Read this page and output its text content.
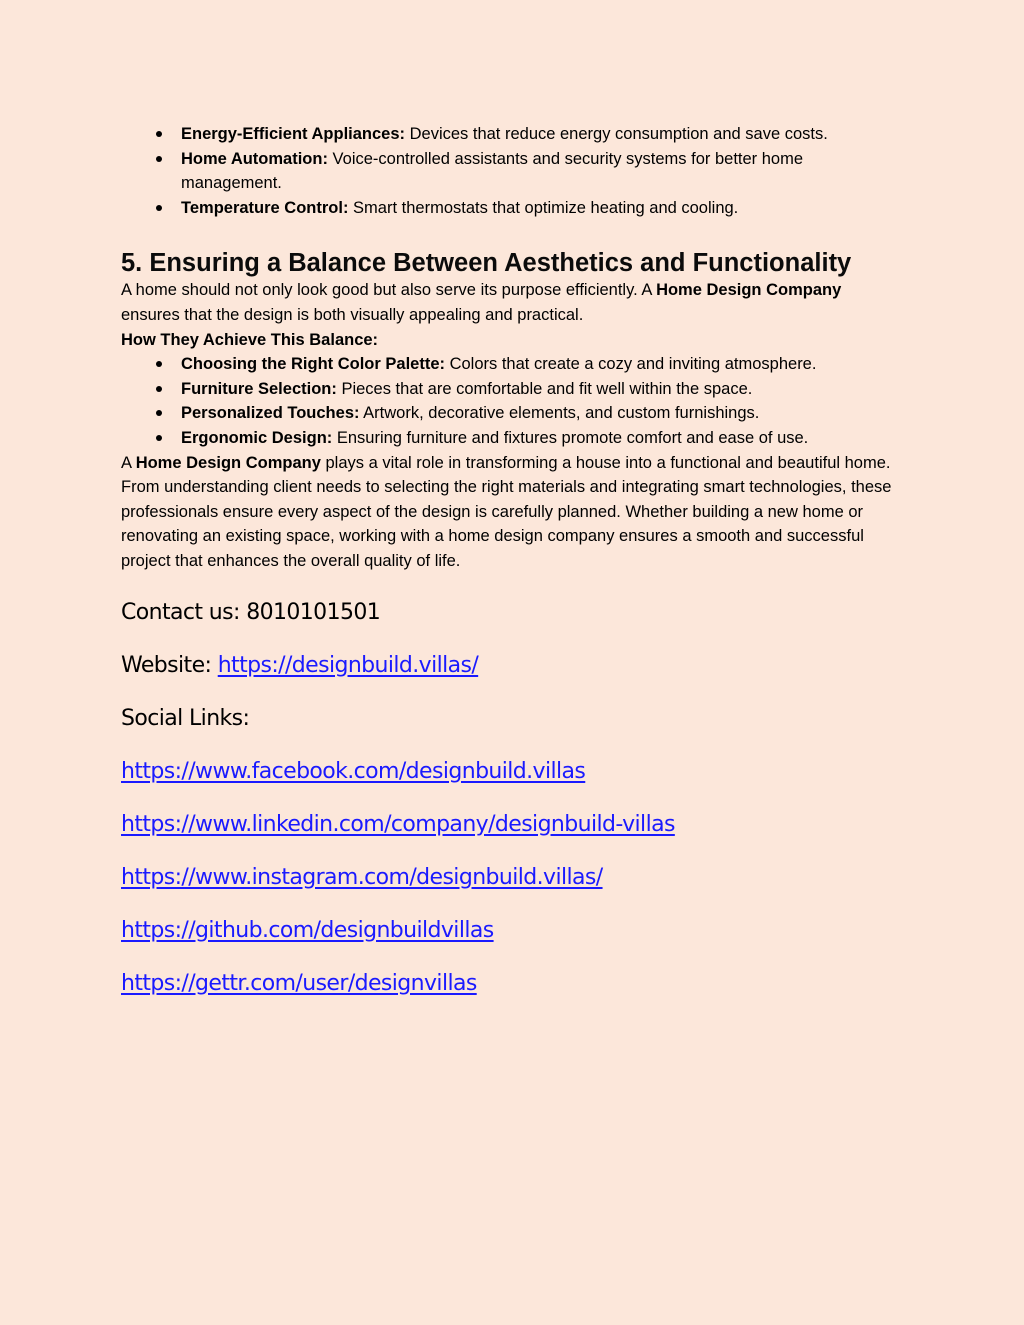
Energy-Efficient Appliances: Devices that reduce energy consumption and save costs.
Home Automation: Voice-controlled assistants and security systems for better home management.
Temperature Control: Smart thermostats that optimize heating and cooling.
5. Ensuring a Balance Between Aesthetics and Functionality

A home should not only look good but also serve its purpose efficiently. A Home Design Company ensures that the design is both visually appealing and practical.

How They Achieve This Balance:

Choosing the Right Color Palette: Colors that create a cozy and inviting atmosphere.
Furniture Selection: Pieces that are comfortable and fit well within the space.
Personalized Touches: Artwork, decorative elements, and custom furnishings.
Ergonomic Design: Ensuring furniture and fixtures promote comfort and ease of use.

A Home Design Company plays a vital role in transforming a house into a functional and beautiful home. From understanding client needs to selecting the right materials and integrating smart technologies, these professionals ensure every aspect of the design is carefully planned. Whether building a new home or renovating an existing space, working with a home design company ensures a smooth and successful project that enhances the overall quality of life.

Contact us: 8010101501
Website: https://designbuild.villas/
Social Links:
https://www.facebook.com/designbuild.villas
https://www.linkedin.com/company/designbuild-villas
https://www.instagram.com/designbuild.villas/
https://github.com/designbuildvillas
https://gettr.com/user/designvillas
